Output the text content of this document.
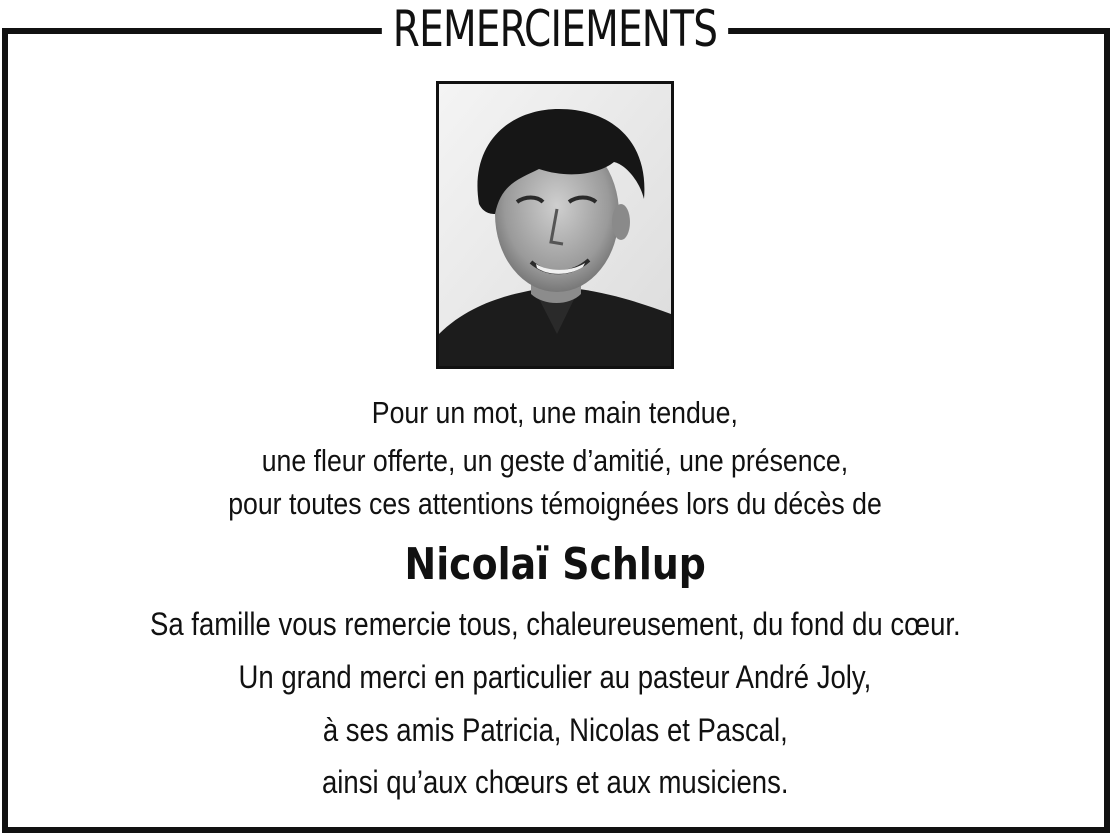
REMERCIEMENTS
Pour un mot, une main tendue,
une fleur offerte, un geste d’amitié, une présence,
pour toutes ces attentions témoignées lors du décès de
Nicolaï Schlup
Sa famille vous remercie tous, chaleureusement, du fond du cœur.
Un grand merci en particulier au pasteur André Joly,
à ses amis Patricia, Nicolas et Pascal,
ainsi qu’aux chœurs et aux musiciens.
